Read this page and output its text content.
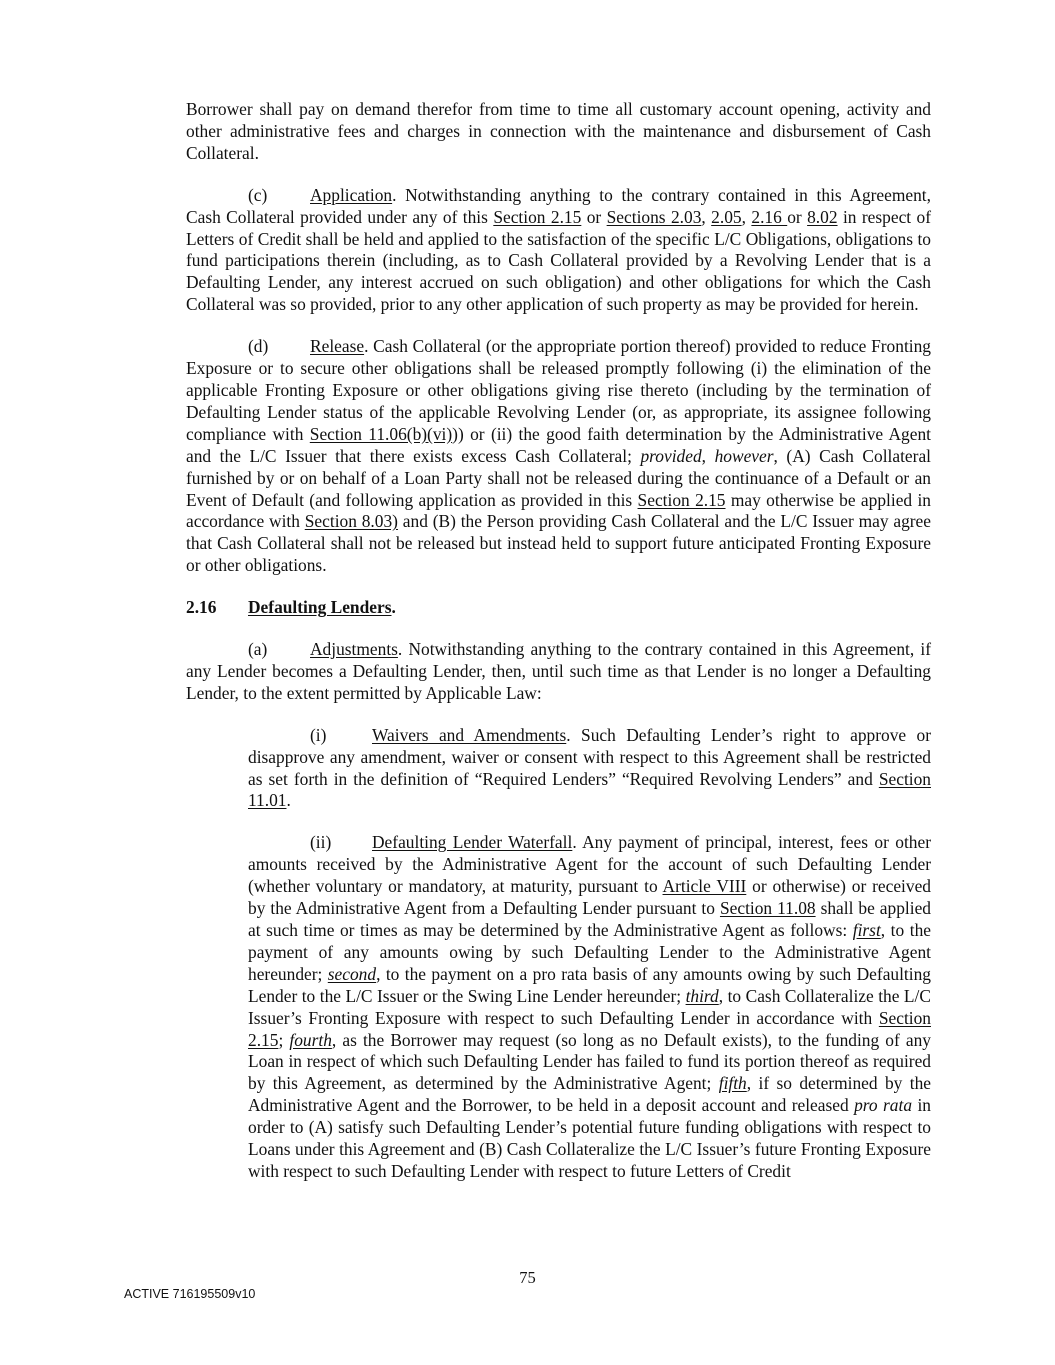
Borrower shall pay on demand therefor from time to time all customary account opening, activity and other administrative fees and charges in connection with the maintenance and disbursement of Cash Collateral.

(c) Application. Notwithstanding anything to the contrary contained in this Agreement, Cash Collateral provided under any of this Section 2.15 or Sections 2.03, 2.05, 2.16 or 8.02 in respect of Letters of Credit shall be held and applied to the satisfaction of the specific L/C Obligations, obligations to fund participations therein (including, as to Cash Collateral provided by a Revolving Lender that is a Defaulting Lender, any interest accrued on such obligation) and other obligations for which the Cash Collateral was so provided, prior to any other application of such property as may be provided for herein.

(d) Release. Cash Collateral (or the appropriate portion thereof) provided to reduce Fronting Exposure or to secure other obligations shall be released promptly following (i) the elimination of the applicable Fronting Exposure or other obligations giving rise thereto (including by the termination of Defaulting Lender status of the applicable Revolving Lender (or, as appropriate, its assignee following compliance with Section 11.06(b)(vi))) or (ii) the good faith determination by the Administrative Agent and the L/C Issuer that there exists excess Cash Collateral; provided, however, (A) Cash Collateral furnished by or on behalf of a Loan Party shall not be released during the continuance of a Default or an Event of Default (and following application as provided in this Section 2.15 may otherwise be applied in accordance with Section 8.03) and (B) the Person providing Cash Collateral and the L/C Issuer may agree that Cash Collateral shall not be released but instead held to support future anticipated Fronting Exposure or other obligations.

2.16 Defaulting Lenders.

(a) Adjustments. Notwithstanding anything to the contrary contained in this Agreement, if any Lender becomes a Defaulting Lender, then, until such time as that Lender is no longer a Defaulting Lender, to the extent permitted by Applicable Law:

(i)	Waivers and Amendments. Such Defaulting Lender’s right to approve or disapprove any amendment, waiver or consent with respect to this Agreement shall be restricted as set forth in the definition of “Required Lenders” “Required Revolving Lenders” and Section 11.01.

(ii) Defaulting Lender Waterfall. Any payment of principal, interest, fees or other amounts received by the Administrative Agent for the account of such Defaulting Lender (whether voluntary or mandatory, at maturity, pursuant to Article VIII or otherwise) or received by the Administrative Agent from a Defaulting Lender pursuant to Section 11.08 shall be applied at such time or times as may be determined by the Administrative Agent as follows: first, to the payment of any amounts owing by such Defaulting Lender to the Administrative Agent hereunder; second, to the payment on a pro rata basis of any amounts owing by such Defaulting Lender to the L/C Issuer or the Swing Line Lender hereunder; third, to Cash Collateralize the L/C Issuer’s Fronting Exposure with respect to such Defaulting Lender in accordance with Section 2.15; fourth, as the Borrower may request (so long as no Default exists), to the funding of any Loan in respect of which such Defaulting Lender has failed to fund its portion thereof as required by this Agreement, as determined by the Administrative Agent; fifth, if so determined by the Administrative Agent and the Borrower, to be held in a deposit account and released pro rata in order to (A) satisfy such Defaulting Lender’s potential future funding obligations with respect to Loans under this Agreement and (B) Cash Collateralize the L/C Issuer’s future Fronting Exposure with respect to such Defaulting Lender with respect to future Letters of Credit

75
ACTIVE 716195509v10
